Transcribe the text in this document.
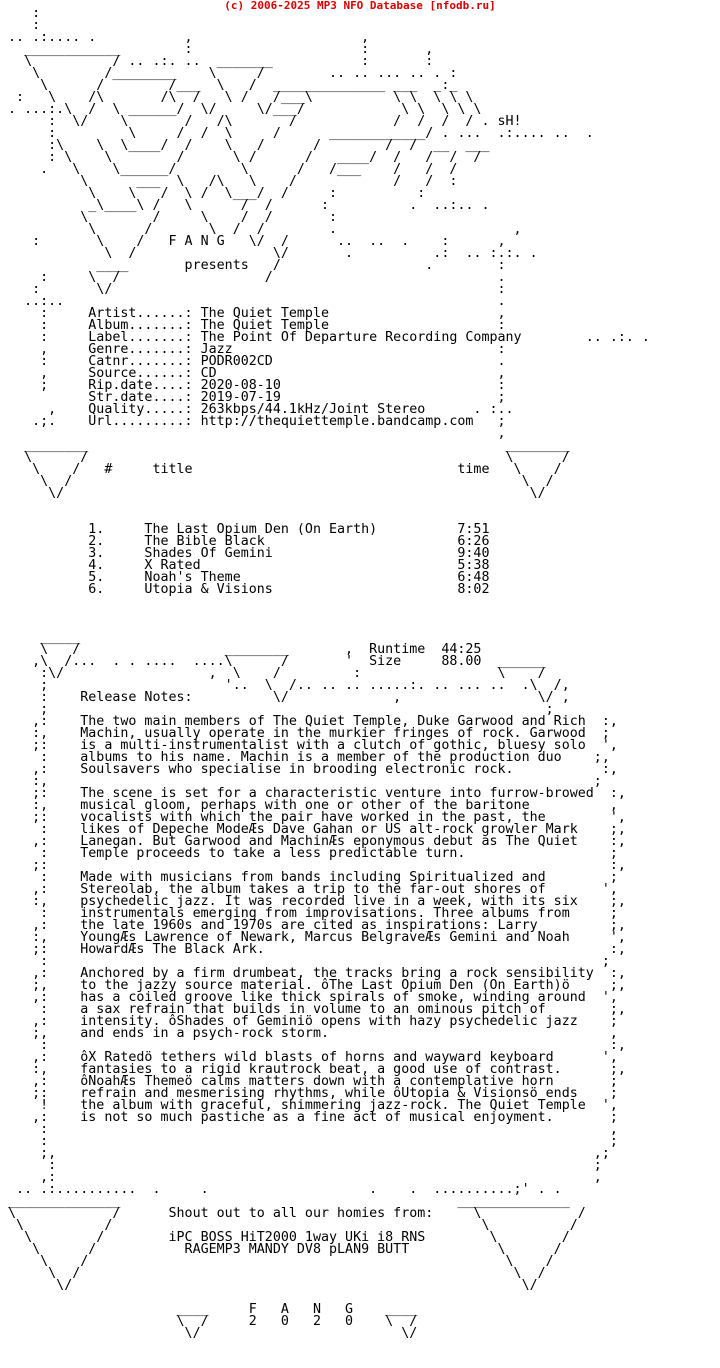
(c) 2006-2025 MP3 NFO Database [nfodb.ru]
:
:
.. .:.... .           ,                     ,
____________        :                     :       ,
\          / .. .:. ..  _______           :       :
\        /________    \     /        .. .. ... .. . :
\      /        /___  \   /  ______________ ___  _:_
:   \    /\       /\  /   \ /   /___\          \ \  \ \ \
. ...:.\  /  \ ______/  \/     \/___/            \ \  \ \ \
:  \/    \       /   /\       /            /  /  /  / . sH!
:         \     /  /  \     /      ____________/ . ...  .:.... ..  .
:\    \  \____/  /    \   /      /        /  /  __  ___
: \    \        /      \ /      /   ____/  /   /  /  /
.   \    \______/        \      /   /___    /   /  /
\      ___  \   /\   \    /            /   /  :
\    \   /  \ /  \___/  /     :          :
_\____\ /   \      /  /      :          .  ..:.. .
\        /     \    /  /       :
\      /       \  /  /        .                      ,
:       \    /   F A N G   \/  /      ..  ..  .    :      ,
\  /                 \/       .          .:  .. :.:. .
____       presents   /                  .        :
:     \  /                  /                            .
:       \/                                                :
..:..                                                      .
:     Artist......: The Quiet Temple                     ,
:     Album.......: The Quiet Temple                     :
:     Label.......: The Point Of Departure Recording Company        .. .:. .
,     Genre.......: Jazz                                 :
:     Catnr.......: PODR002CD                            .
,     Source......: CD                                   ,
;     Rip.date....: 2020-08-10                           :
Str.date....: 2019-07-19                           ;
,    Quality.....: 263kbps/44.1kHz/Joint Stereo      . :..
.;.    Url.........: http://thequiettemple.bandcamp.com   ;
,
________                                                    ________
\      /                                                    \      /
\    /   #     title                                 time   \    /
\  /                                                        \  /
\/                                                          \/

1.     The Last Opium Den (On Earth)          7:51
2.     The Bible Black                        6:26
3.     Shades Of Gemini                       9:40
4.     X Rated                                5:38
5.     Noah's Theme                           6:48
6.     Utopia & Visions                       8:02

_____
\   /                  ________       ,  Runtime  44:25
,\  /...  . . ....  ....\      /       '  Size     88.00  ______
:\/                  ,  \    /         :                 \    /
;                      '..  \  /.. .. .. .....:. .. ... ..  .\  /,
:    Release Notes:          \/             ,                 \/ ,
;                                                              ;
,:    The two main members of The Quiet Temple, Duke Garwood and Rich  :,
:,    Machin, usually operate in the murkier fringes of rock. Garwood  ;
;:    is a multi-instrumentalist with a clutch of gothic, bluesy solo  ',
:    albums to his name. Machin is a member of the production duo    ;,
,:    Soulsavers who specialise in brooding electronic rock.           :,
:,                                                                    ;
;:    The scene is set for a characteristic venture into furrow-browed  :,
:,    musical gloom, perhaps with one or other of the baritone          ,
;:    vocalists with which the pair have worked in the past, the        ',
:    likes of Depeche ModeÆs Dave Gahan or US alt-rock growler Mark    ;,
,:    Lanegan. But Garwood and MachinÆs eponymous debut as The Quiet    :,
:    Temple proceeds to take a less predictable turn.                  ;
;:                                                                      :,
:    Made with musicians from bands including Spiritualized and        ;
,:    Stereolab, the album takes a trip to the far-out shores of       ',
:,    psychedelic jazz. It was recorded live in a week, with its six    ;,
:    instrumentals emerging from improvisations. Three albums from     ;
,:    the late 1960s and 1970s are cited as inspirations: Larry         ;,
:,    YoungÆs Lawrence of Newark, Marcus BelgraveÆs Gemini and Noah     ',
;:    HowardÆs The Black Ark.                                           :,
:                                                                     ;
,:    Anchored by a firm drumbeat, the tracks bring a rock sensibility  :,
;,    to the jazzy source material. ôThe Last Opium Den (On Earth)ö     ;,
,:    has a coiled groove like thick spirals of smoke, winding around  ',
:    a sax refrain that builds in volume to an ominous pitch of        ;,
,:    intensity. ôShades of Geminiö opens with hazy psychedelic jazz    ;
;,    and ends in a psych-rock storm.                                   ,
:                                                                      :,
,:    ôX Ratedö tethers wild blasts of horns and wayward keyboard      ',
:,    fantasies to a rigid krautrock beat, a good use of contrast.      ;,
,:    ôNoahÆs Themeö calms matters down with a contemplative horn       ;
;:    refrain and mesmerising rhythms, while ôUtopia & Visionsö ends    ;
!    the album with graceful, shimmering jazz-rock. The Quiet Temple  ',
,:    is not so much pastiche as a fine act of musical enjoyment.       ;
:                                                                      ,
:                                                                      ;
;,                                                                   ,;
:                                                                   ;
,:                                                                   ,
.. .:..........  .     .                    .    .  ..........;' . .
______________                                          ______________
\            /      Shout out to all our homies from:     \            /
\          /                                              \          /
\        /        iPC BOSS HiT2000 1way UKi i8 RNS        \        /
\      /           RAGEMP3 MANDY DV8 pLAN9 BUTT           \      /
\    /                                                    \    /
\  /                                                      \  /
\/                                                        \/

____     F   A   N   G    ____
\  /     2   0   2   0    \  /
\/                         \/
